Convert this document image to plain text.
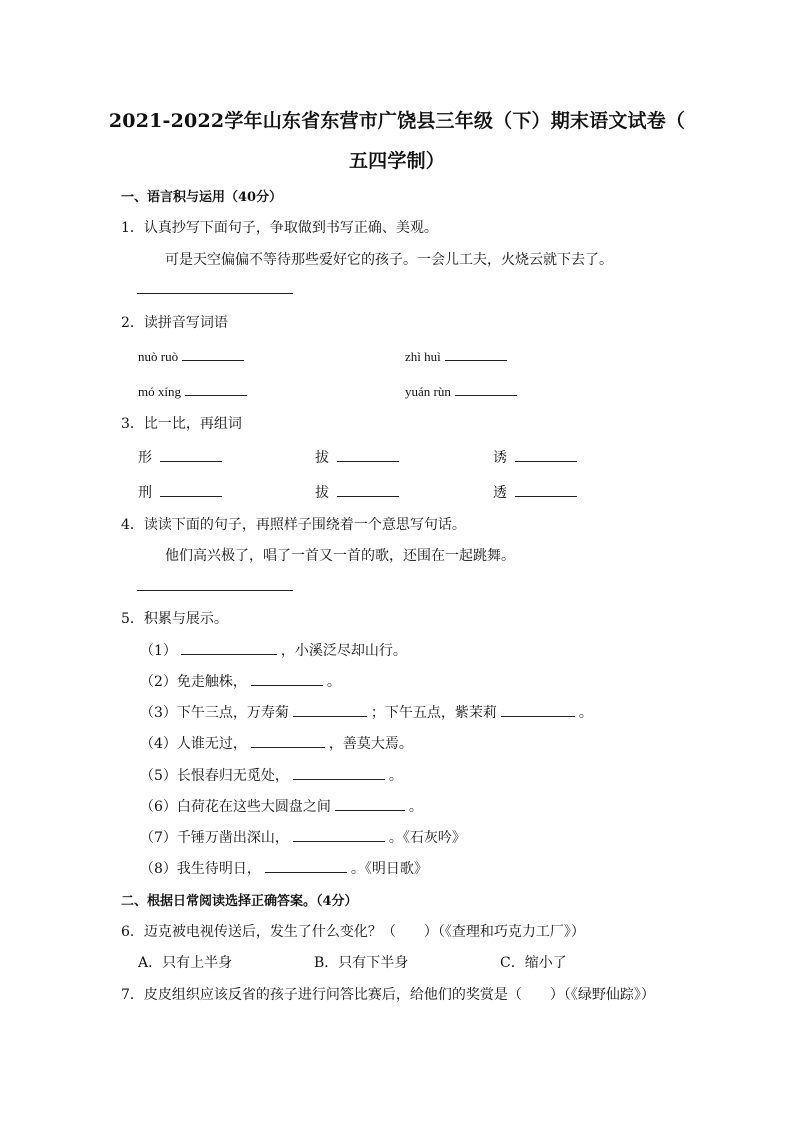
2021-2022学年山东省东营市广饶县三年级（下）期末语文试卷（
五四学制）
一、语言积与运用（40分）
1．认真抄写下面句子，争取做到书写正确、美观。
可是天空偏偏不等待那些爱好它的孩子。一会儿工夫，火烧云就下去了。
2．读拼音写词语
nuò ruò	zhì huì
mó xíng	yuán rùn
3．比一比，再组词
形	拔	诱
刑	拔	透
4．读读下面的句子，再照样子围绕着一个意思写句话。
他们高兴极了，唱了一首又一首的歌，还围在一起跳舞。
5．积累与展示。
（1）	，小溪泛尽却山行。
（2）免走触株，	。
（3）下午三点，万寿菊	；下午五点，紫茉莉	。
（4）人谁无过，	，善莫大焉。
（5）长恨春归无觅处，	。
（6）白荷花在这些大圆盘之间	。
（7）千锤万凿出深山，	。《石灰吟》
（8）我生待明日，	。《明日歌》
二、根据日常阅读选择正确答案。（4分）
6．迈克被电视传送后，发生了什么变化？（　　）（《查理和巧克力工厂》）
A．只有上半身	B．只有下半身	C．缩小了
7．皮皮组织应该反省的孩子进行问答比赛后，给他们的奖赏是（　　）（《绿野仙踪》）
